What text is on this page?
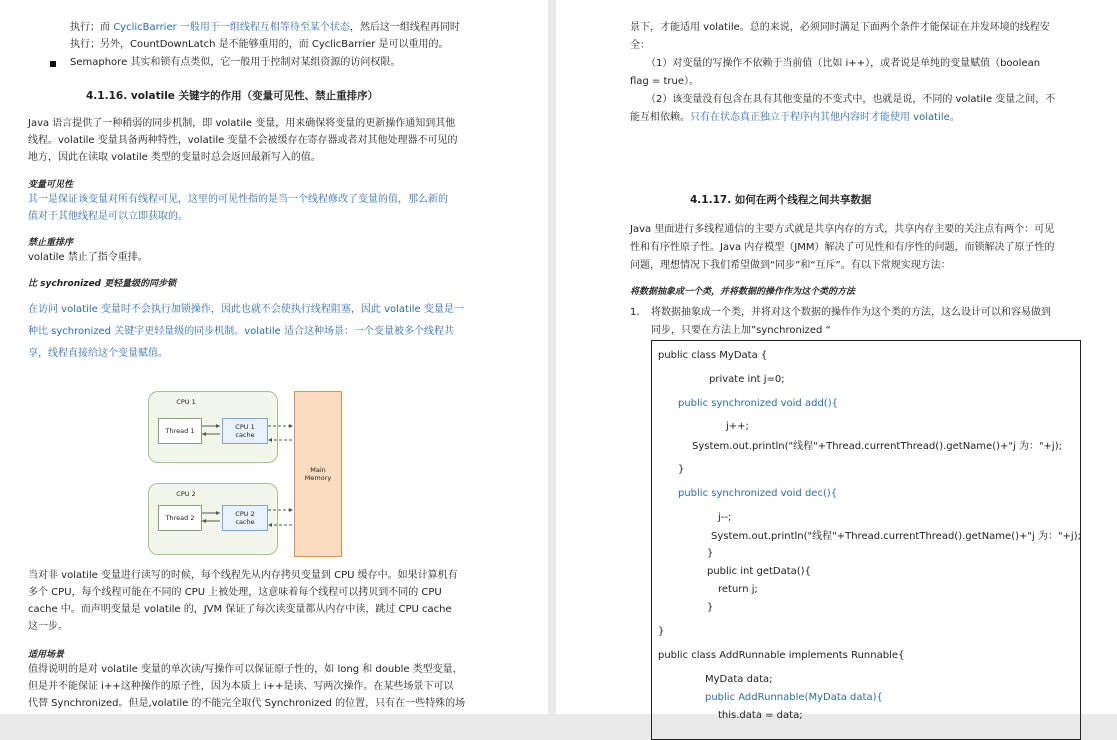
执行；而 CyclicBarrier 一般用于一组线程互相等待至某个状态，然后这一组线程再同时
执行；另外，CountDownLatch 是不能够重用的，而 CyclicBarrier 是可以重用的。
Semaphore 其实和锁有点类似，它一般用于控制对某组资源的访问权限。
4.1.16. volatile 关键字的作用（变量可见性、禁止重排序）
Java 语言提供了一种稍弱的同步机制，即 volatile 变量，用来确保将变量的更新操作通知到其他
线程。volatile 变量具备两种特性，volatile 变量不会被缓存在寄存器或者对其他处理器不可见的
地方，因此在读取 volatile 类型的变量时总会返回最新写入的值。
变量可见性
其一是保证该变量对所有线程可见，这里的可见性指的是当一个线程修改了变量的值，那么新的
值对于其他线程是可以立即获取的。
禁止重排序
volatile 禁止了指令重排。
比 sychronized 更轻量级的同步锁
在访问 volatile 变量时不会执行加锁操作，因此也就不会使执行线程阻塞，因此 volatile 变量是一
种比 sychronized 关键字更轻量级的同步机制。volatile 适合这种场景：一个变量被多个线程共
享，线程直接给这个变量赋值。
CPU 1
Thread 1	CPU 1
cache
CPU 2
Thread 2	CPU 2
cache
Main
Memory
当对非 volatile 变量进行读写的时候，每个线程先从内存拷贝变量到 CPU 缓存中。如果计算机有
多个 CPU，每个线程可能在不同的 CPU 上被处理，这意味着每个线程可以拷贝到不同的 CPU
cache 中。而声明变量是 volatile 的，JVM 保证了每次读变量都从内存中读，跳过 CPU cache
这一步。
适用场景
值得说明的是对 volatile 变量的单次读/写操作可以保证原子性的，如 long 和 double 类型变量，
但是并不能保证 i++这种操作的原子性，因为本质上 i++是读、写两次操作。在某些场景下可以
代替 Synchronized。但是,volatile 的不能完全取代 Synchronized 的位置，只有在一些特殊的场
景下，才能适用 volatile。总的来说，必须同时满足下面两个条件才能保证在并发环境的线程安
全：
（1）对变量的写操作不依赖于当前值（比如 i++），或者说是单纯的变量赋值（boolean
flag = true）。
（2）该变量没有包含在具有其他变量的不变式中，也就是说，不同的 volatile 变量之间，不
能互相依赖。只有在状态真正独立于程序内其他内容时才能使用 volatile。
4.1.17. 如何在两个线程之间共享数据
Java 里面进行多线程通信的主要方式就是共享内存的方式，共享内存主要的关注点有两个：可见
性和有序性原子性。Java 内存模型（JMM）解决了可见性和有序性的问题，而锁解决了原子性的
问题，理想情况下我们希望做到“同步”和“互斥”。有以下常规实现方法：
将数据抽象成一个类，并将数据的操作作为这个类的方法
1. 将数据抽象成一个类，并将对这个数据的操作作为这个类的方法，这么设计可以和容易做到
同步，只要在方法上加”synchronized “
public class MyData {
private int j=0;
public synchronized void add(){
j++;
System.out.println("线程"+Thread.currentThread().getName()+"j 为："+j);
}
public synchronized void dec(){
j--;
System.out.println("线程"+Thread.currentThread().getName()+"j 为："+j);
}
public int getData(){
return j;
}
}
public class AddRunnable implements Runnable{
MyData data;
public AddRunnable(MyData data){
this.data = data;
